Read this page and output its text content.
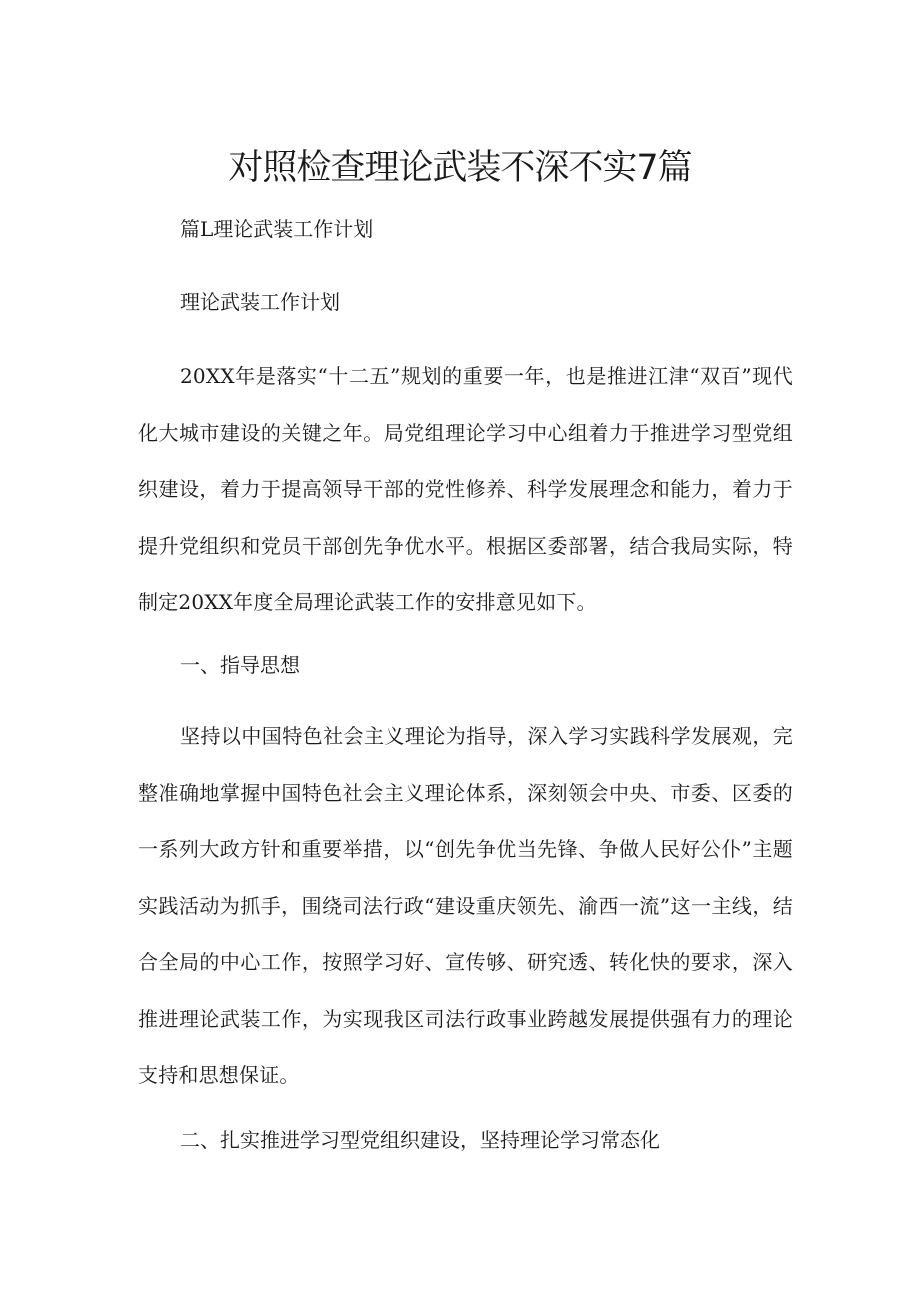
对照检查理论武装不深不实7篇

篇L理论武装工作计划

理论武装工作计划

20XX年是落实“十二五”规划的重要一年，也是推进江津“双百”现代化大城市建设的关键之年。局党组理论学习中心组着力于推进学习型党组织建设，着力于提高领导干部的党性修养、科学发展理念和能力，着力于提升党组织和党员干部创先争优水平。根据区委部署，结合我局实际，特制定20XX年度全局理论武装工作的安排意见如下。

一、指导思想

坚持以中国特色社会主义理论为指导，深入学习实践科学发展观，完整准确地掌握中国特色社会主义理论体系，深刻领会中央、市委、区委的一系列大政方针和重要举措，以“创先争优当先锋、争做人民好公仆”主题实践活动为抓手，围绕司法行政“建设重庆领先、渝西一流”这一主线，结合全局的中心工作，按照学习好、宣传够、研究透、转化快的要求，深入推进理论武装工作，为实现我区司法行政事业跨越发展提供强有力的理论支持和思想保证。

二、扎实推进学习型党组织建设，坚持理论学习常态化
